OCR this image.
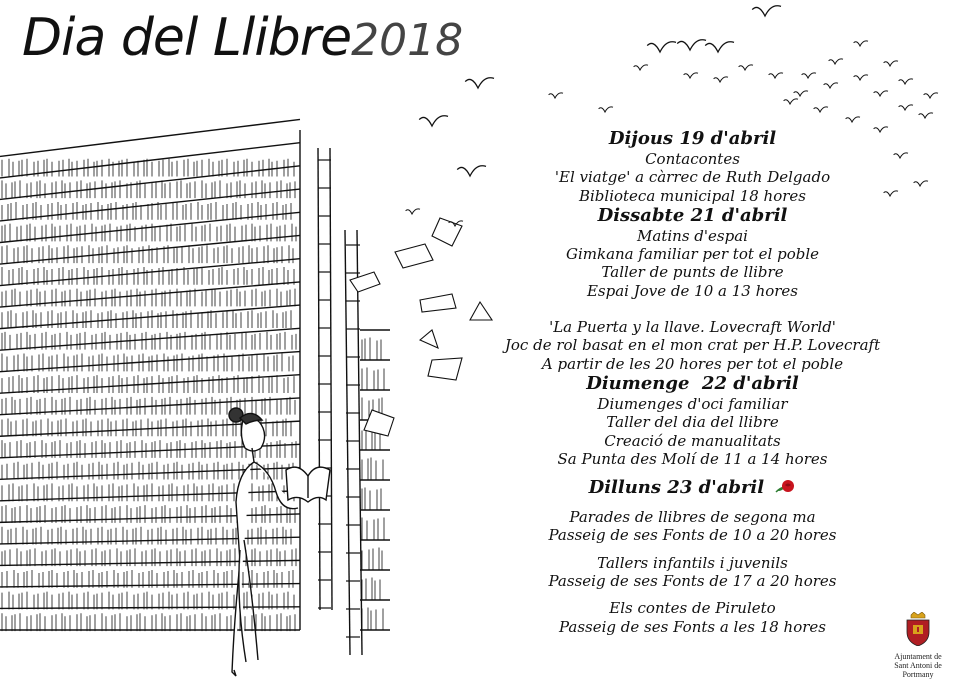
Dia del Llibre2018
Dijous 19 d'abril
Contacontes
'El viatge' a càrrec de Ruth Delgado
Biblioteca municipal 18 hores
Dissabte 21 d'abril
Matins d'espai
Gimkana familiar per tot el poble
Taller de punts de llibre
Espai Jove de 10 a 13 hores
'La Puerta y la llave. Lovecraft World'
Joc de rol basat en el mon crat per H.P. Lovecraft
A partir de les 20 hores per tot el poble
Diumenge  22 d'abril
Diumenges d'oci familiar
Taller del dia del llibre
Creació de manualitats
Sa Punta des Molí de 11 a 14 hores
Dilluns 23 d'abril
Parades de llibres de segona ma
Passeig de ses Fonts de 10 a 20 hores
Tallers infantils i juvenils
Passeig de ses Fonts de 17 a 20 hores
Els contes de Piruleto
Passeig de ses Fonts a les 18 hores
Ajuntament de
Sant Antoni de Portmany
